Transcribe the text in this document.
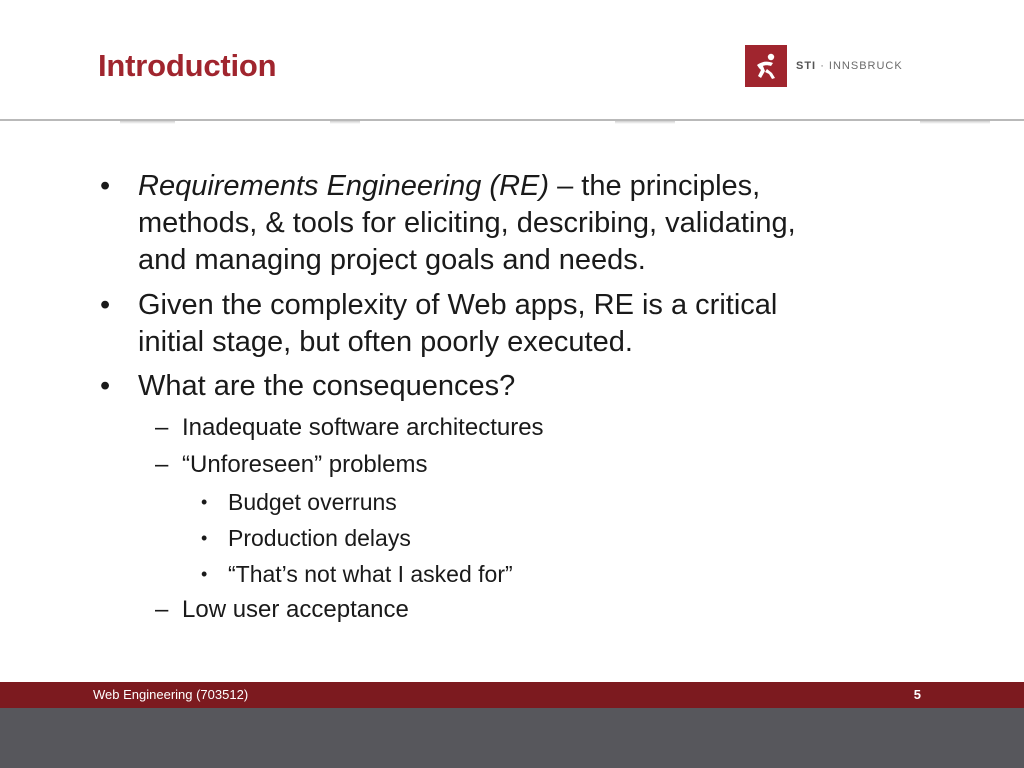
Introduction	STI · INNSBRUCK
• Requirements Engineering (RE) – the principles,
methods, & tools for eliciting, describing, validating,
and managing project goals and needs.
• Given the complexity of Web apps, RE is a critical
initial stage, but often poorly executed.
• What are the consequences?
– Inadequate software architectures
– “Unforeseen” problems
• Budget overruns
• Production delays
• “That’s not what I asked for”
– Low user acceptance
Web Engineering (703512)	5
